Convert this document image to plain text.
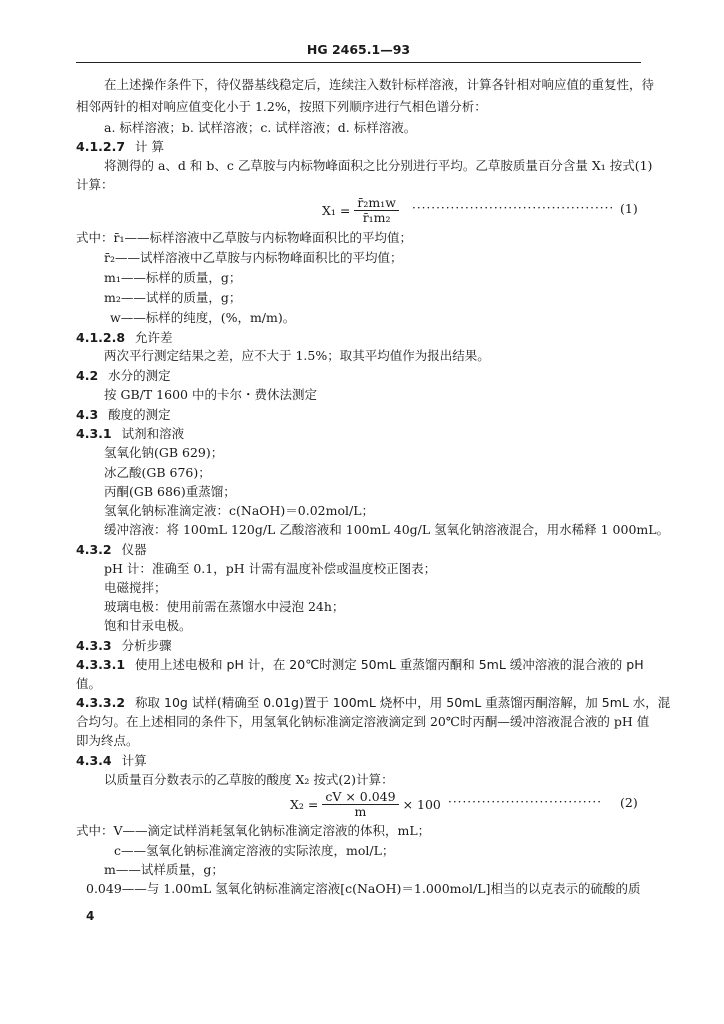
HG 2465.1—93
在上述操作条件下，待仪器基线稳定后，连续注入数针标样溶液，计算各针相对响应值的重复性，待
相邻两针的相对响应值变化小于 1.2%，按照下列顺序进行气相色谱分析：
a. 标样溶液；b. 试样溶液；c. 试样溶液；d. 标样溶液。
4.1.2.7 计 算
将测得的 a、d 和 b、c 乙草胺与内标物峰面积之比分别进行平均。乙草胺质量百分含量 X₁ 按式(1)
计算：
$X_1 = \frac{\text{r̄₂m₁w}}{\text{r̄₁m₂}}$ ·········································· (1)
式中：r̄₁——标样溶液中乙草胺与内标物峰面积比的平均值；
r̄₂——试样溶液中乙草胺与内标物峰面积比的平均值；
m₁——标样的质量，g；
m₂——试样的质量，g；
w——标样的纯度，(%，m/m)。
4.1.2.8 允许差
两次平行测定结果之差，应不大于 1.5%；取其平均值作为报出结果。
4.2 水分的测定
按 GB/T 1600 中的卡尔・费休法测定
4.3 酸度的测定
4.3.1 试剂和溶液
氢氧化钠(GB 629)；
冰乙酸(GB 676)；
丙酮(GB 686)重蒸馏；
氢氧化钠标准滴定液：c(NaOH)＝0.02mol/L；
缓冲溶液：将 100mL 120g/L 乙酸溶液和 100mL 40g/L 氢氧化钠溶液混合，用水稀释 1 000mL。
4.3.2 仪器
pH 计：准确至 0.1，pH 计需有温度补偿或温度校正图表；
电磁搅拌；
玻璃电极：使用前需在蒸馏水中浸泡 24h；
饱和甘汞电极。
4.3.3 分析步骤
4.3.3.1 使用上述电极和 pH 计，在 20℃时测定 50mL 重蒸馏丙酮和 5mL 缓冲溶液的混合液的 pH
值。
4.3.3.2 称取 10g 试样(精确至 0.01g)置于 100mL 烧杯中，用 50mL 重蒸馏丙酮溶解，加 5mL 水，混
合均匀。在上述相同的条件下，用氢氧化钠标准滴定溶液滴定到 20℃时丙酮—缓冲溶液混合液的 pH 值
即为终点。
4.3.4 计算
以质量百分数表示的乙草胺的酸度 X₂ 按式(2)计算：
$X_2 = \frac{cV \times 0.049}{m} \times 100$ ································ (2)
式中：V——滴定试样消耗氢氧化钠标准滴定溶液的体积，mL；
c——氢氧化钠标准滴定溶液的实际浓度，mol/L；
m——试样质量，g；
0.049——与 1.00mL 氢氧化钠标准滴定溶液[c(NaOH)＝1.000mol/L]相当的以克表示的硫酸的质
4
